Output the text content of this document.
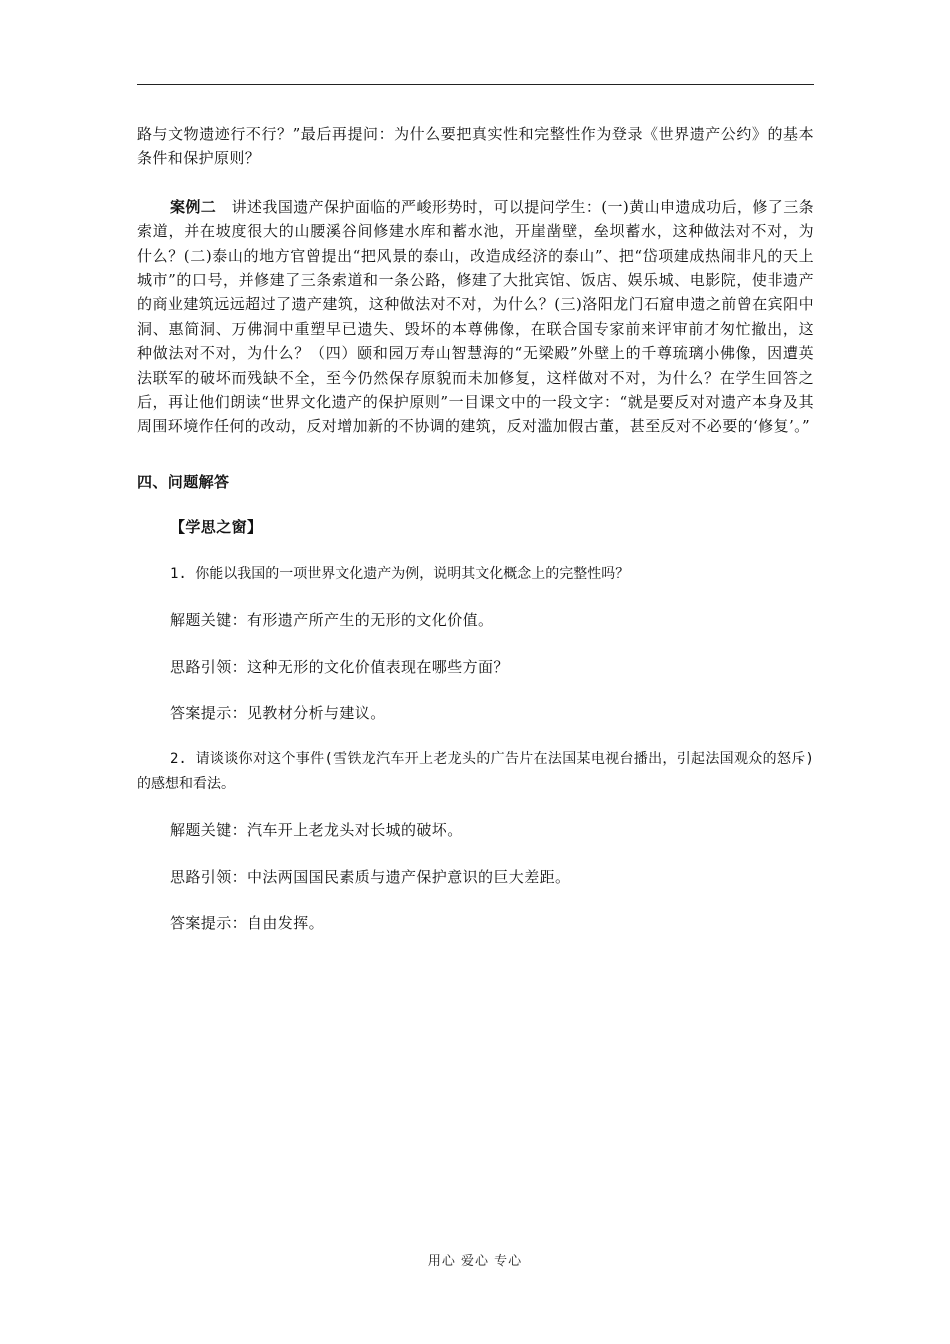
路与文物遗迹行不行？”最后再提问：为什么要把真实性和完整性作为登录《世界遗产公约》的基本条件和保护原则？

案例二　讲述我国遗产保护面临的严峻形势时，可以提问学生：(一)黄山申遗成功后，修了三条索道，并在坡度很大的山腰溪谷间修建水库和蓄水池，开崖凿壁，垒坝蓄水，这种做法对不对，为什么？(二)泰山的地方官曾提出“把风景的泰山，改造成经济的泰山”、把“岱项建成热闹非凡的天上城市”的口号，并修建了三条索道和一条公路，修建了大批宾馆、饭店、娱乐城、电影院，使非遗产的商业建筑远远超过了遗产建筑，这种做法对不对，为什么？(三)洛阳龙门石窟申遗之前曾在宾阳中洞、惠简洞、万佛洞中重塑早已遗失、毁坏的本尊佛像，在联合国专家前来评审前才匆忙撤出，这种做法对不对，为什么？（四）颐和园万寿山智慧海的“无梁殿”外壁上的千尊琉璃小佛像，因遭英法联军的破坏而残缺不全，至今仍然保存原貌而未加修复，这样做对不对，为什么？在学生回答之后，再让他们朗读“世界文化遗产的保护原则”一目课文中的一段文字：“就是要反对对遗产本身及其周围环境作任何的改动，反对增加新的不协调的建筑，反对滥加假古董，甚至反对不必要的‘修复’。”

四、问题解答

【学思之窗】

1. 你能以我国的一项世界文化遗产为例，说明其文化概念上的完整性吗？

解题关键：有形遗产所产生的无形的文化价值。

思路引领：这种无形的文化价值表现在哪些方面？

答案提示：见教材分析与建议。

2. 请谈谈你对这个事件(雪铁龙汽车开上老龙头的广告片在法国某电视台播出，引起法国观众的怒斥)的感想和看法。

解题关键：汽车开上老龙头对长城的破坏。

思路引领：中法两国国民素质与遗产保护意识的巨大差距。

答案提示：自由发挥。

用心 爱心 专心
